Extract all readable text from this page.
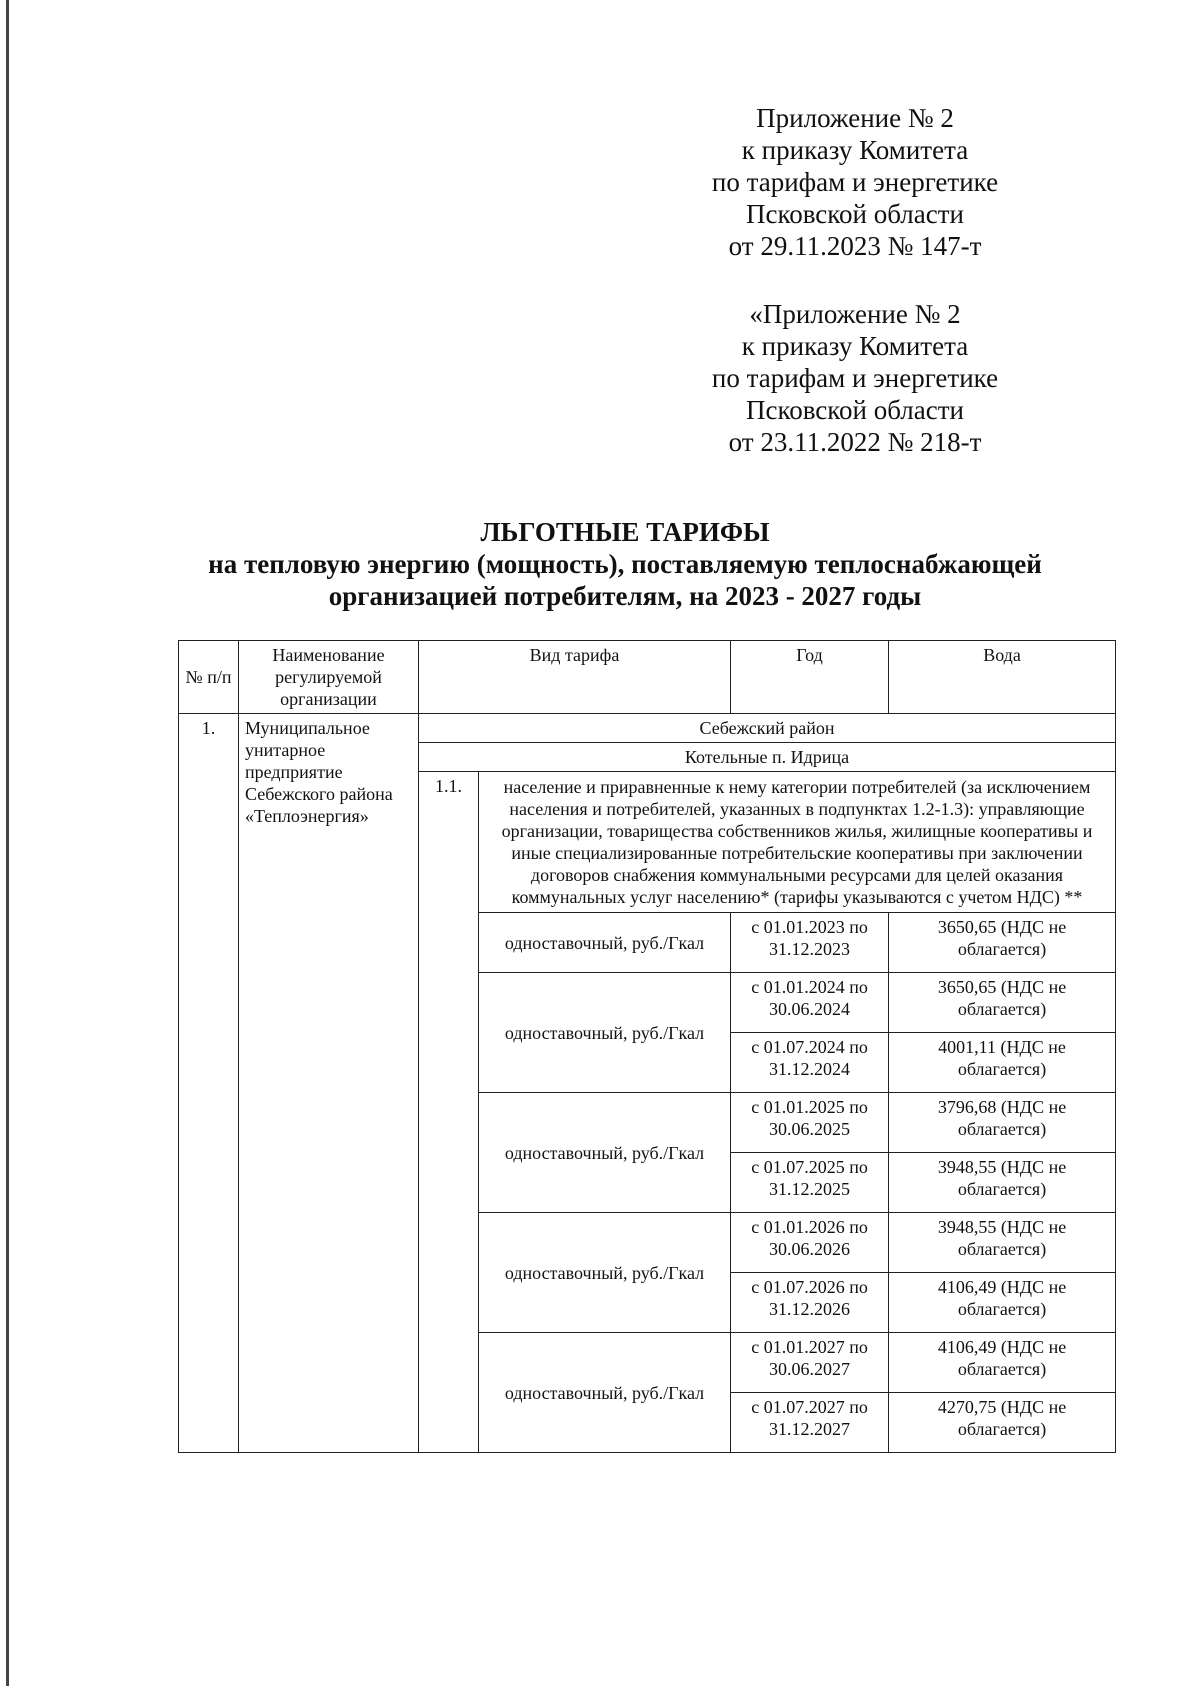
Приложение № 2
к приказу Комитета
по тарифам и энергетике
Псковской области
от 29.11.2023 № 147-т
«Приложение № 2
к приказу Комитета
по тарифам и энергетике
Псковской области
от 23.11.2022 № 218-т
ЛЬГОТНЫЕ ТАРИФЫ
на тепловую энергию (мощность), поставляемую теплоснабжающей
организацией потребителям, на 2023 - 2027 годы
№ п/п	Наименование регулируемой организации	Вид тарифа		Год	Вода
1.	Муниципальное унитарное предприятие Себежского района «Теплоэнергия»	Себежский район			
		Котельные п. Идрица			
		1.1.	население и приравненные к нему категории потребителей (за исключением населения и потребителей, указанных в подпунктах 1.2-1.3): управляющие организации, товарищества собственников жилья, жилищные кооперативы и иные специализированные потребительские кооперативы при заключении договоров снабжения коммунальными ресурсами для целей оказания коммунальных услуг населению* (тарифы указываются с учетом НДС) **		
			одноставочный, руб./Гкал	с 01.01.2023 по 31.12.2023	3650,65 (НДС не облагается)
			одноставочный, руб./Гкал	с 01.01.2024 по 30.06.2024	3650,65 (НДС не облагается)
				с 01.07.2024 по 31.12.2024	4001,11 (НДС не облагается)
			одноставочный, руб./Гкал	с 01.01.2025 по 30.06.2025	3796,68 (НДС не облагается)
				с 01.07.2025 по 31.12.2025	3948,55 (НДС не облагается)
			одноставочный, руб./Гкал	с 01.01.2026 по 30.06.2026	3948,55 (НДС не облагается)
				с 01.07.2026 по 31.12.2026	4106,49 (НДС не облагается)
			одноставочный, руб./Гкал	с 01.01.2027 по 30.06.2027	4106,49 (НДС не облагается)
				с 01.07.2027 по 31.12.2027	4270,75 (НДС не облагается)
